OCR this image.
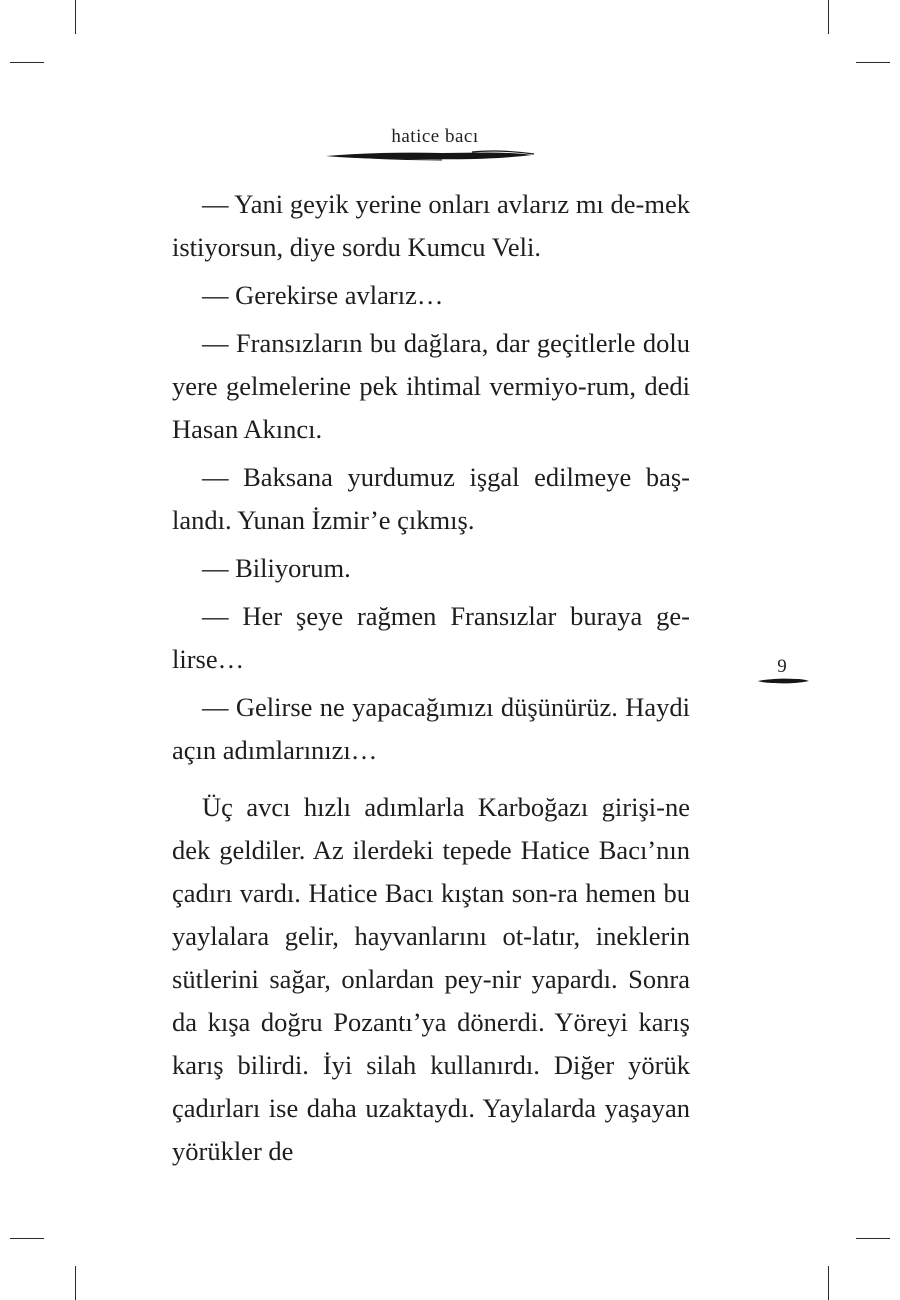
hatice bacı
9

— Yani geyik yerine onları avlarız mı de-mek istiyorsun, diye sordu Kumcu Veli.

— Gerekirse avlarız…

— Fransızların bu dağlara, dar geçitlerle dolu yere gelmelerine pek ihtimal vermiyo-rum, dedi Hasan Akıncı.

— Baksana yurdumuz işgal edilmeye baş-landı. Yunan İzmir’e çıkmış.

— Biliyorum.

— Her şeye rağmen Fransızlar buraya ge-lirse…

— Gelirse ne yapacağımızı düşünürüz. Haydi açın adımlarınızı…

Üç avcı hızlı adımlarla Karboğazı girişi-ne dek geldiler. Az ilerdeki tepede Hatice Bacı’nın çadırı vardı. Hatice Bacı kıştan son-ra hemen bu yaylalara gelir, hayvanlarını ot-latır, ineklerin sütlerini sağar, onlardan pey-nir yapardı. Sonra da kışa doğru Pozantı’ya dönerdi. Yöreyi karış karış bilirdi. İyi silah kullanırdı. Diğer yörük çadırları ise daha uzaktaydı. Yaylalarda yaşayan yörükler de
